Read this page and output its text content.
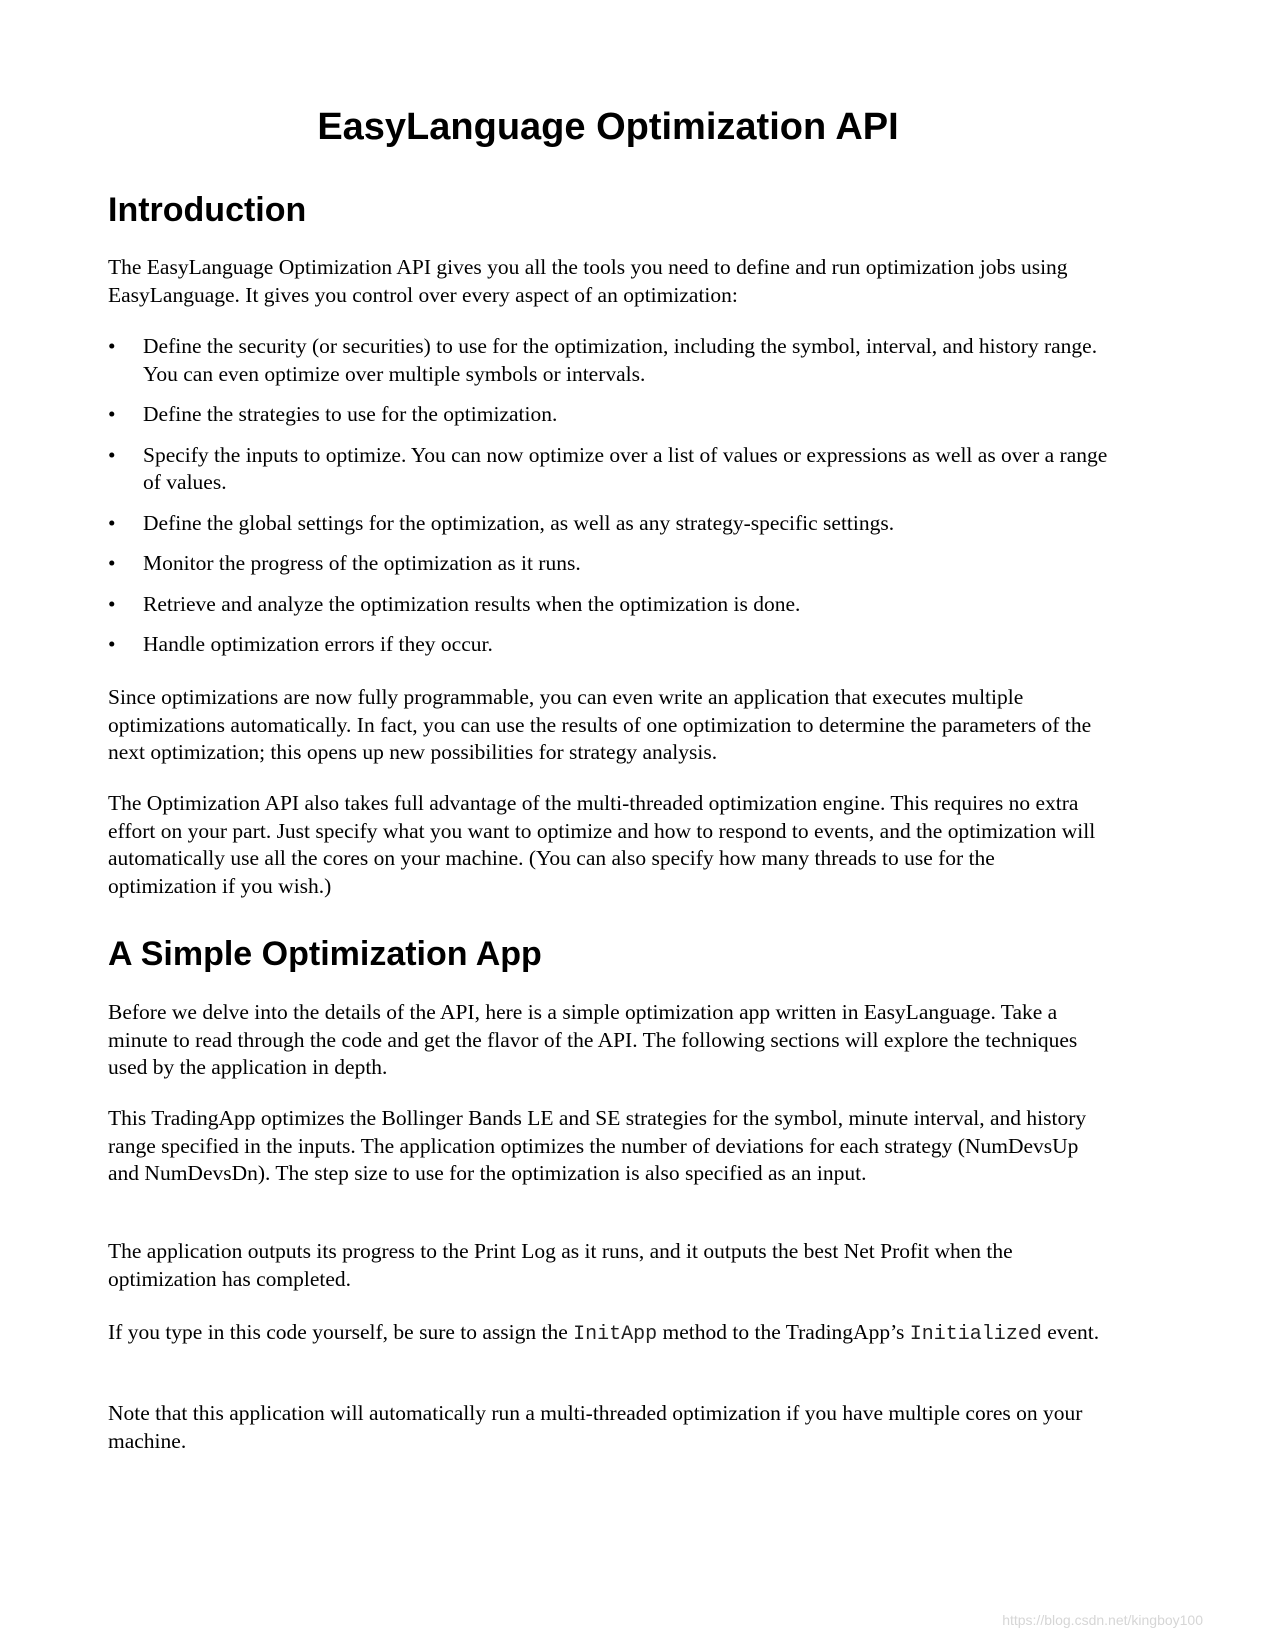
EasyLanguage Optimization API
Introduction

The EasyLanguage Optimization API gives you all the tools you need to define and run optimization jobs using EasyLanguage. It gives you control over every aspect of an optimization:

• Define the security (or securities) to use for the optimization, including the symbol, interval, and history range. You can even optimize over multiple symbols or intervals.
• Define the strategies to use for the optimization.
• Specify the inputs to optimize. You can now optimize over a list of values or expressions as well as over a range of values.
• Define the global settings for the optimization, as well as any strategy-specific settings.
• Monitor the progress of the optimization as it runs.
• Retrieve and analyze the optimization results when the optimization is done.
• Handle optimization errors if they occur.

Since optimizations are now fully programmable, you can even write an application that executes multiple optimizations automatically. In fact, you can use the results of one optimization to determine the parameters of the next optimization; this opens up new possibilities for strategy analysis.

The Optimization API also takes full advantage of the multi-threaded optimization engine. This requires no extra effort on your part. Just specify what you want to optimize and how to respond to events, and the optimization will automatically use all the cores on your machine. (You can also specify how many threads to use for the optimization if you wish.)

A Simple Optimization App

Before we delve into the details of the API, here is a simple optimization app written in EasyLanguage. Take a minute to read through the code and get the flavor of the API. The following sections will explore the techniques used by the application in depth.

This TradingApp optimizes the Bollinger Bands LE and SE strategies for the symbol, minute interval, and history range specified in the inputs. The application optimizes the number of deviations for each strategy (NumDevsUp and NumDevsDn). The step size to use for the optimization is also specified as an input.

The application outputs its progress to the Print Log as it runs, and it outputs the best Net Profit when the optimization has completed.

If you type in this code yourself, be sure to assign the InitApp method to the TradingApp’s Initialized event.

Note that this application will automatically run a multi-threaded optimization if you have multiple cores on your machine.

https://blog.csdn.net/kingboy100
